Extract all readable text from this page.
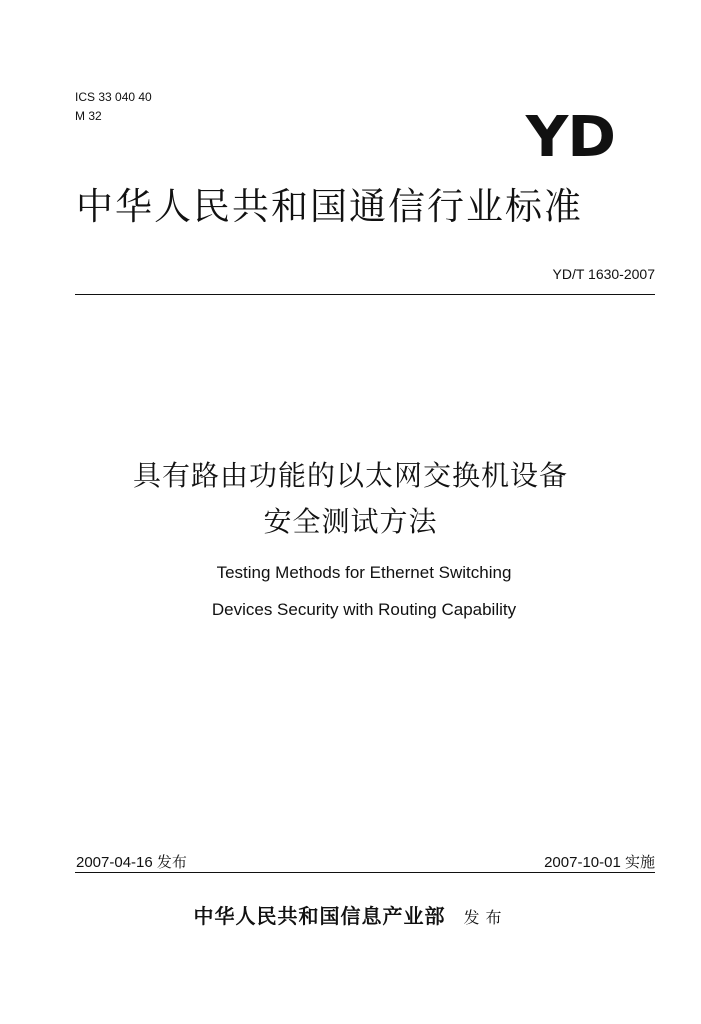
ICS 33 040 40
M 32	YD
中华人民共和国通信行业标准
YD/T 1630-2007
具有路由功能的以太网交换机设备
安全测试方法
Testing Methods for Ethernet Switching
Devices Security with Routing Capability
2007-04-16 发布	2007-10-01 实施
中华人民共和国信息产业部 发布
